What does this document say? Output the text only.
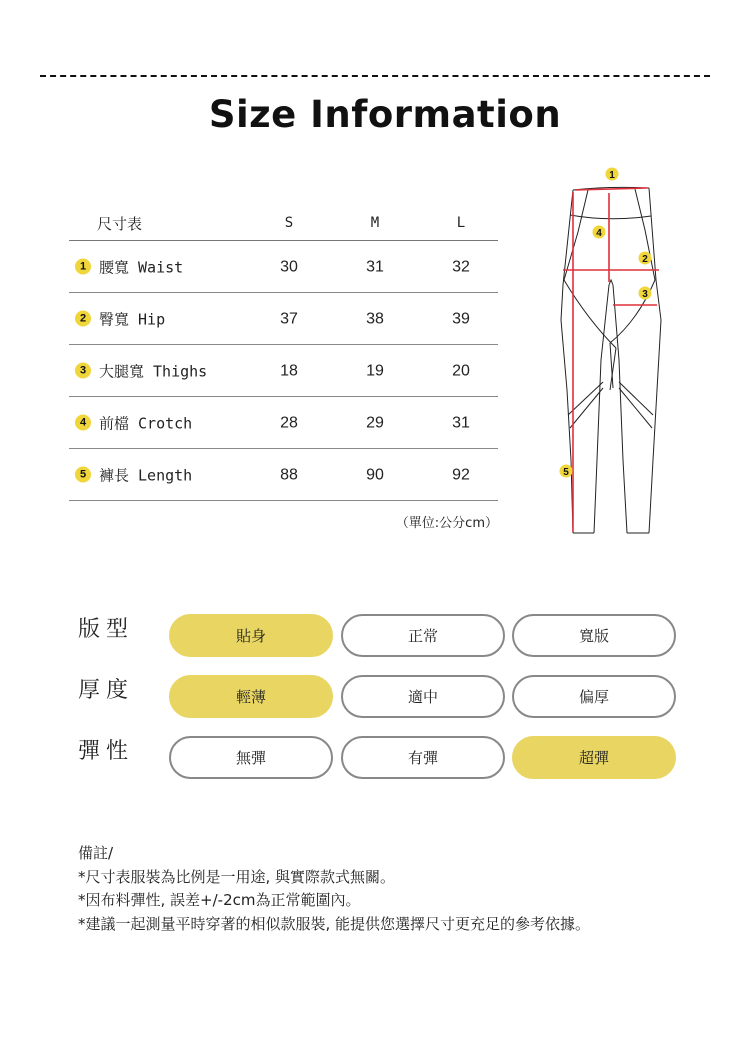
Size Information
尺寸表	S	M	L
1 腰寬 Waist	30	31	32
2 臀寬 Hip	37	38	39
3 大腿寬 Thighs	18	19	20
4 前檔 Crotch	28	29	31
5 褲長 Length	88	90	92
（單位:公分cm）
1
4
2
3
5
版型	貼身	正常	寬版
厚度	輕薄	適中	偏厚
彈性	無彈	有彈	超彈
備註/
*尺寸表服裝為比例是一用途, 與實際款式無關。
*因布料彈性, 誤差+/-2cm為正常範圍內。
*建議一起測量平時穿著的相似款服裝, 能提供您選擇尺寸更充足的參考依據。
